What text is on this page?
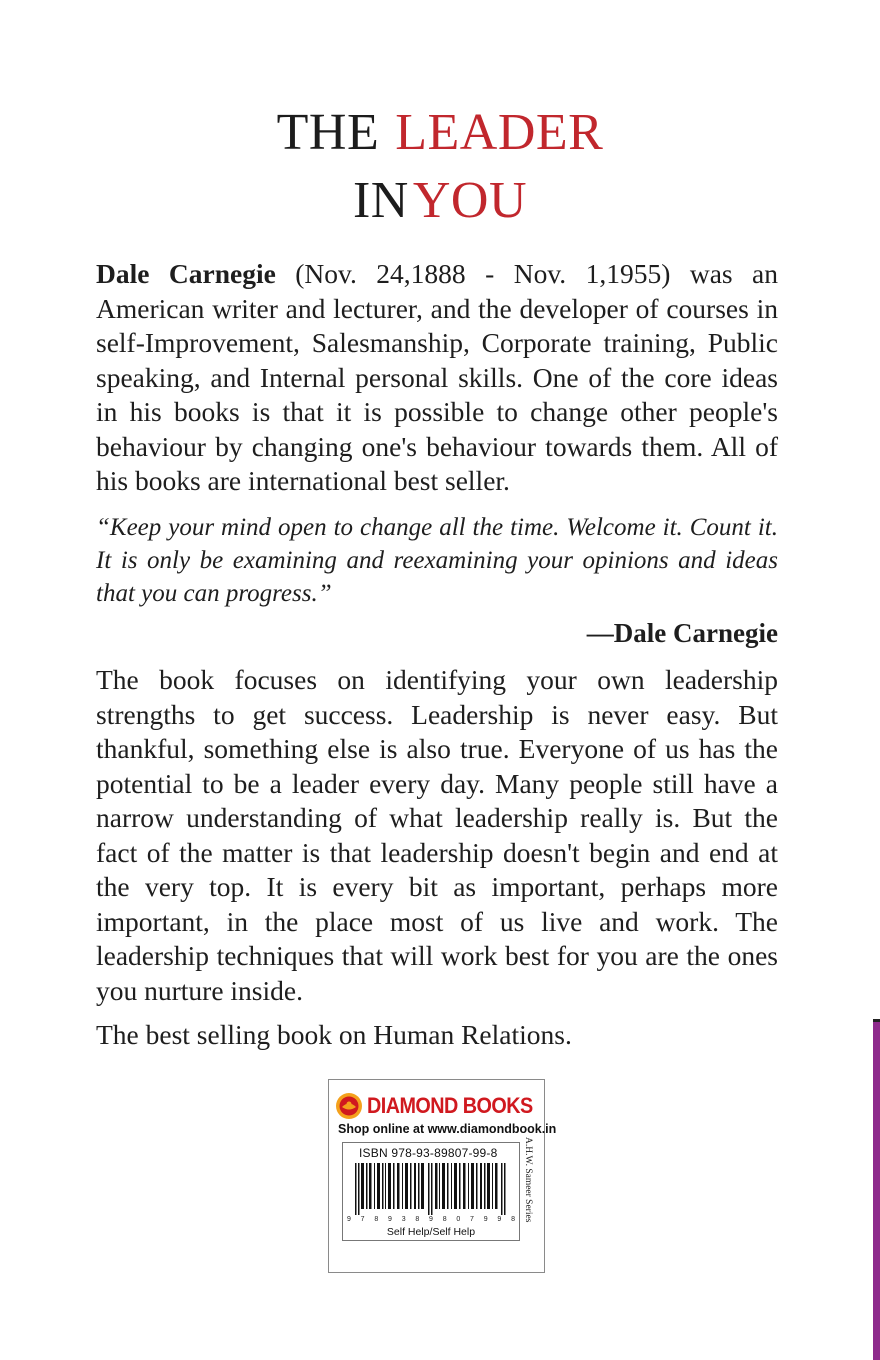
THE LEADER
INYOU

Dale Carnegie (Nov. 24,1888 - Nov. 1,1955) was an American writer and lecturer, and the developer of courses in self-Improvement, Salesmanship, Corporate training, Public speaking, and Internal personal skills. One of the core ideas in his books is that it is possible to change other people's behaviour by changing one's behaviour towards them. All of his books are international best seller.

“Keep your mind open to change all the time. Welcome it. Count it. It is only be examining and reexamining your opinions and ideas that you can progress.”

—Dale Carnegie

The book focuses on identifying your own leadership strengths to get success. Leadership is never easy. But thankful, something else is also true. Everyone of us has the potential to be a leader every day. Many people still have a narrow understanding of what leadership really is. But the fact of the matter is that leadership doesn't begin and end at the very top. It is every bit as important, perhaps more important, in the place most of us live and work. The leadership techniques that will work best for you are the ones you nurture inside.

The best selling book on Human Relations.

DIAMOND BOOKS
Shop online at www.diamondbook.in
ISBN 978-93-89807-99-8
9 7 8 9 3 8 9 8 0 7 9 9 8
Self Help/Self Help
A.H.W. Sameer Series
